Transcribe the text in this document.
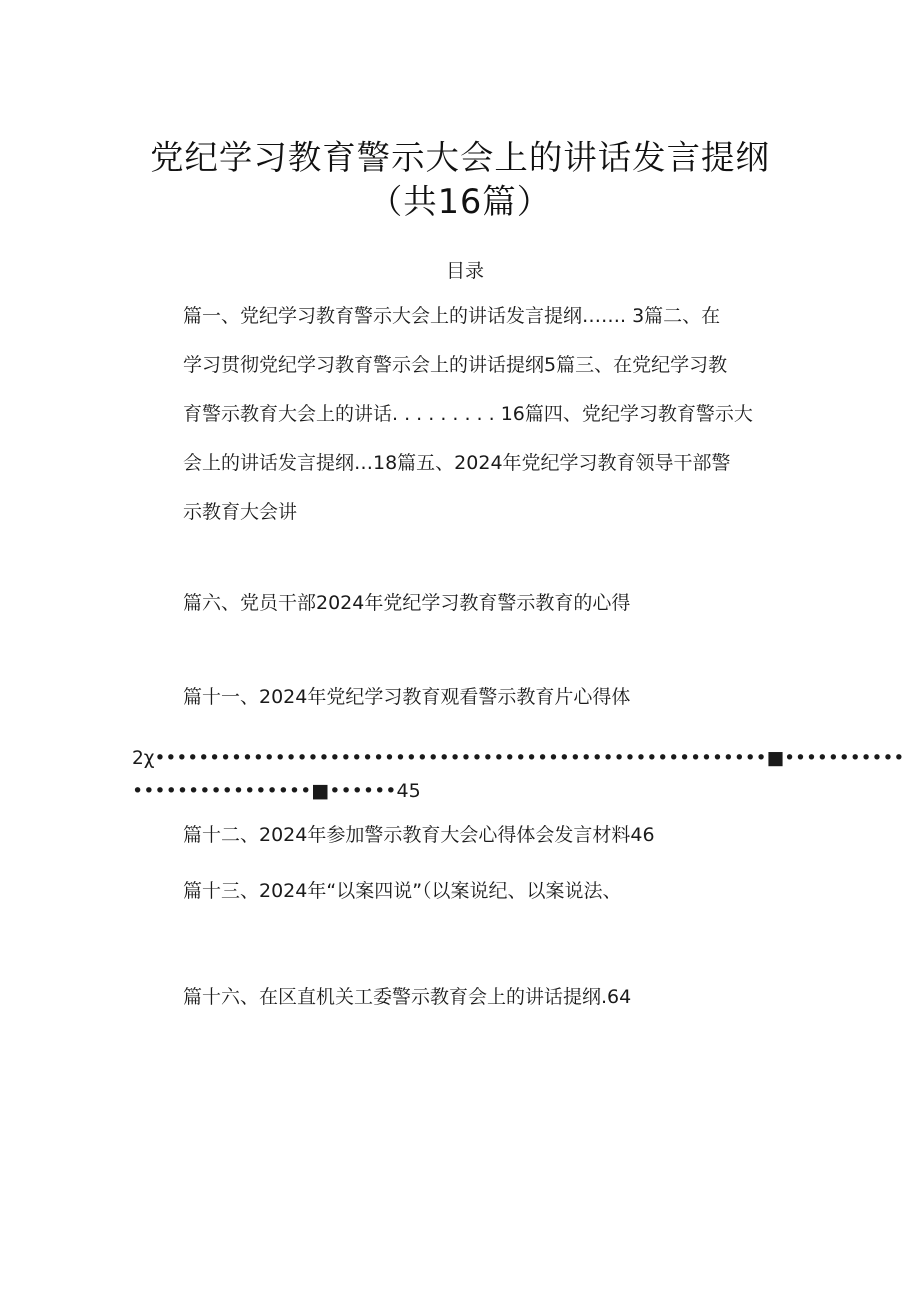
党纪学习教育警示大会上的讲话发言提纲
（共16篇）
目录
篇一、党纪学习教育警示大会上的讲话发言提纲……. 3篇二、在
学习贯彻党纪学习教育警示会上的讲话提纲5篇三、在党纪学习教
育警示教育大会上的讲话. . . . . . . . . 16篇四、党纪学习教育警示大
会上的讲话发言提纲…18篇五、2024年党纪学习教育领导干部警
示教育大会讲
篇六、党员干部2024年党纪学习教育警示教育的心得
篇十一、2024年党纪学习教育观看警示教育片心得体
2χ••••••••••••••••••••••••••••••••••••••••••••••••••••••••■•••••••••••
••••••••••••••••■••••••45
篇十二、2024年参加警示教育大会心得体会发言材料46
篇十三、2024年“以案四说”（以案说纪、以案说法、
篇十六、在区直机关工委警示教育会上的讲话提纲.64
